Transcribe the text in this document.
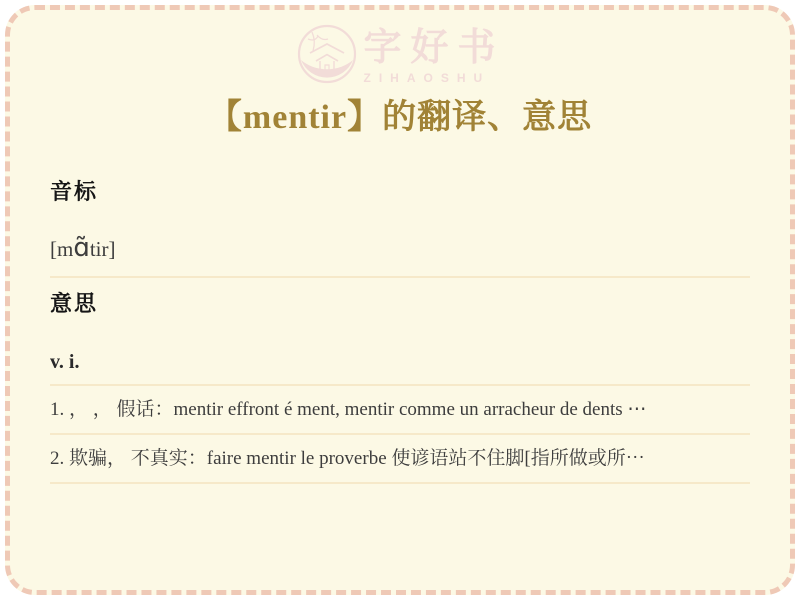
字好书
ZIHAOSHU
【mentir】的翻译、意思
音标
[mɑ̃tir]
意思
v. i.
1. ， ， 假话：mentir effront é ment, mentir comme un arracheur de dents ⋯
2. 欺骗， 不真实：faire mentir le proverbe 使谚语站不住脚[指所做或所⋯
